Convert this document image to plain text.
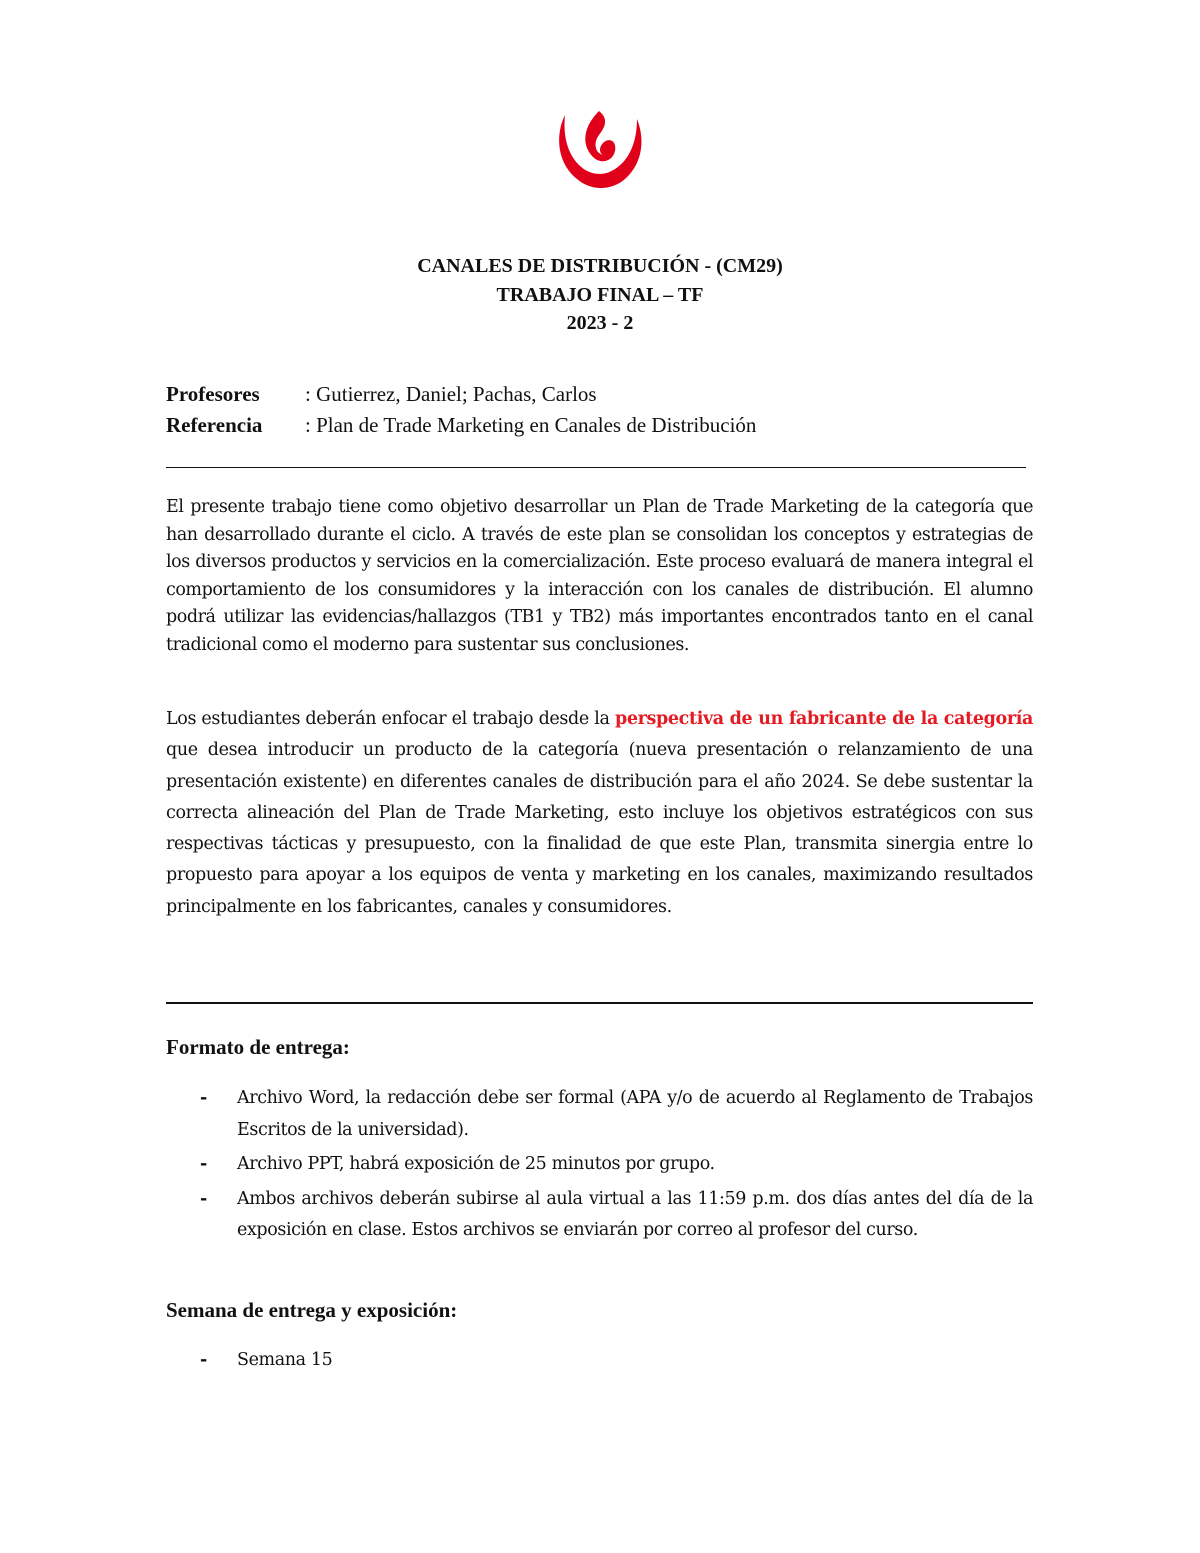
CANALES DE DISTRIBUCIÓN - (CM29)
TRABAJO FINAL – TF
2023 - 2
Profesores : Gutierrez, Daniel; Pachas, Carlos
Referencia : Plan de Trade Marketing en Canales de Distribución

El presente trabajo tiene como objetivo desarrollar un Plan de Trade Marketing de la categoría que han desarrollado durante el ciclo. A través de este plan se consolidan los conceptos y estrategias de los diversos productos y servicios en la comercialización. Este proceso evaluará de manera integral el comportamiento de los consumidores y la interacción con los canales de distribución. El alumno podrá utilizar las evidencias/hallazgos (TB1 y TB2) más importantes encontrados tanto en el canal tradicional como el moderno para sustentar sus conclusiones.

Los estudiantes deberán enfocar el trabajo desde la perspectiva de un fabricante de la categoría que desea introducir un producto de la categoría (nueva presentación o relanzamiento de una presentación existente) en diferentes canales de distribución para el año 2024. Se debe sustentar la correcta alineación del Plan de Trade Marketing, esto incluye los objetivos estratégicos con sus respectivas tácticas y presupuesto, con la finalidad de que este Plan, transmita sinergia entre lo propuesto para apoyar a los equipos de venta y marketing en los canales, maximizando resultados principalmente en los fabricantes, canales y consumidores.

Formato de entrega:
- Archivo Word, la redacción debe ser formal (APA y/o de acuerdo al Reglamento de Trabajos Escritos de la universidad).
- Archivo PPT, habrá exposición de 25 minutos por grupo.
- Ambos archivos deberán subirse al aula virtual a las 11:59 p.m. dos días antes del día de la exposición en clase. Estos archivos se enviarán por correo al profesor del curso.
Semana de entrega y exposición:
- Semana 15
